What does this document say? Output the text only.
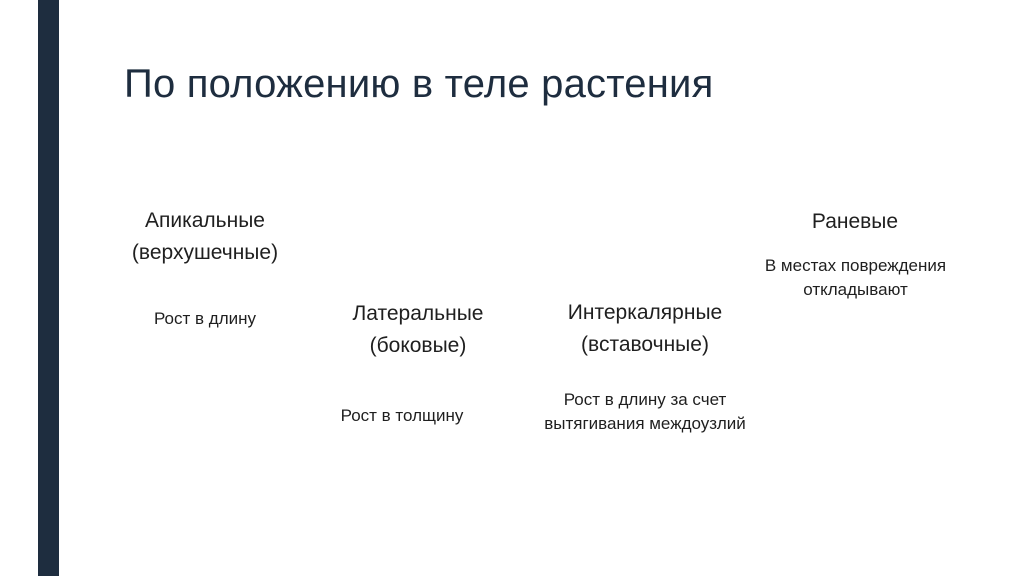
По положению в теле растения
Апикальные
(верхушечные)
Рост в длину	Латеральные
(боковые)
Рост в толщину
Интеркалярные
(вставочные)
Рост в длину за счет
вытягивания междоузлий
Раневые
В местах повреждения
откладывают
